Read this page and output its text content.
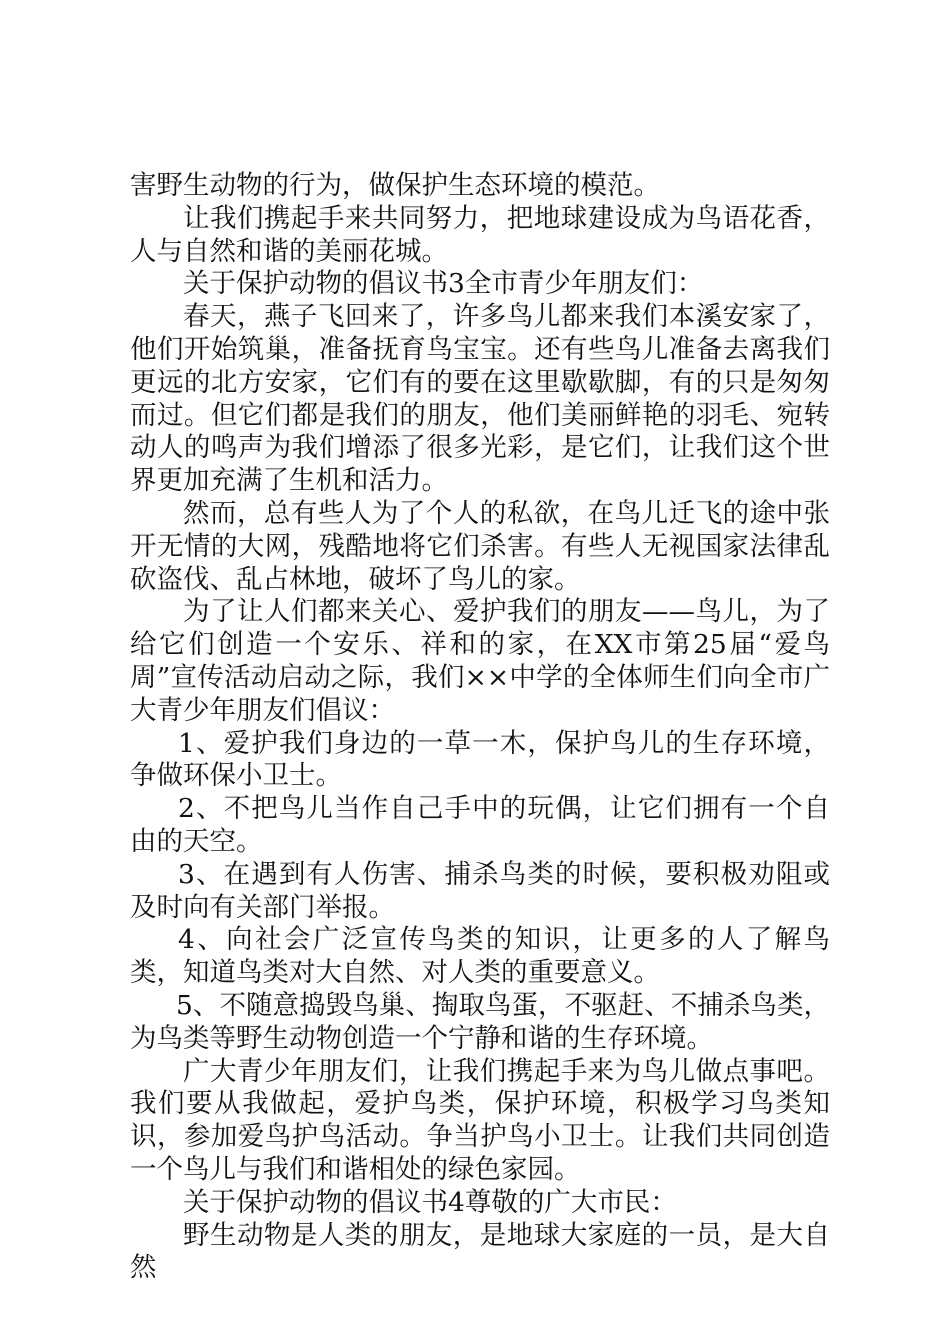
害野生动物的行为，做保护生态环境的模范。

让我们携起手来共同努力，把地球建设成为鸟语花香，人与自然和谐的美丽花城。

关于保护动物的倡议书3全市青少年朋友们：

春天，燕子飞回来了，许多鸟儿都来我们本溪安家了，他们开始筑巢，准备抚育鸟宝宝。还有些鸟儿准备去离我们更远的北方安家，它们有的要在这里歇歇脚，有的只是匆匆而过。但它们都是我们的朋友，他们美丽鲜艳的羽毛、宛转动人的鸣声为我们增添了很多光彩，是它们，让我们这个世界更加充满了生机和活力。

然而，总有些人为了个人的私欲，在鸟儿迁飞的途中张开无情的大网，残酷地将它们杀害。有些人无视国家法律乱砍盗伐、乱占林地，破坏了鸟儿的家。

为了让人们都来关心、爱护我们的朋友——鸟儿，为了给它们创造一个安乐、祥和的家，在XX市第25届“爱鸟周”宣传活动启动之际，我们××中学的全体师生们向全市广大青少年朋友们倡议：

1、爱护我们身边的一草一木，保护鸟儿的生存环境，争做环保小卫士。

2、不把鸟儿当作自己手中的玩偶，让它们拥有一个自由的天空。

3、在遇到有人伤害、捕杀鸟类的时候，要积极劝阻或及时向有关部门举报。

4、向社会广泛宣传鸟类的知识，让更多的人了解鸟类，知道鸟类对大自然、对人类的重要意义。

5、不随意捣毁鸟巢、掏取鸟蛋，不驱赶、不捕杀鸟类，为鸟类等野生动物创造一个宁静和谐的生存环境。

广大青少年朋友们，让我们携起手来为鸟儿做点事吧。我们要从我做起，爱护鸟类，保护环境，积极学习鸟类知识，参加爱鸟护鸟活动。争当护鸟小卫士。让我们共同创造一个鸟儿与我们和谐相处的绿色家园。

关于保护动物的倡议书4尊敬的广大市民：

野生动物是人类的朋友，是地球大家庭的一员，是大自然
